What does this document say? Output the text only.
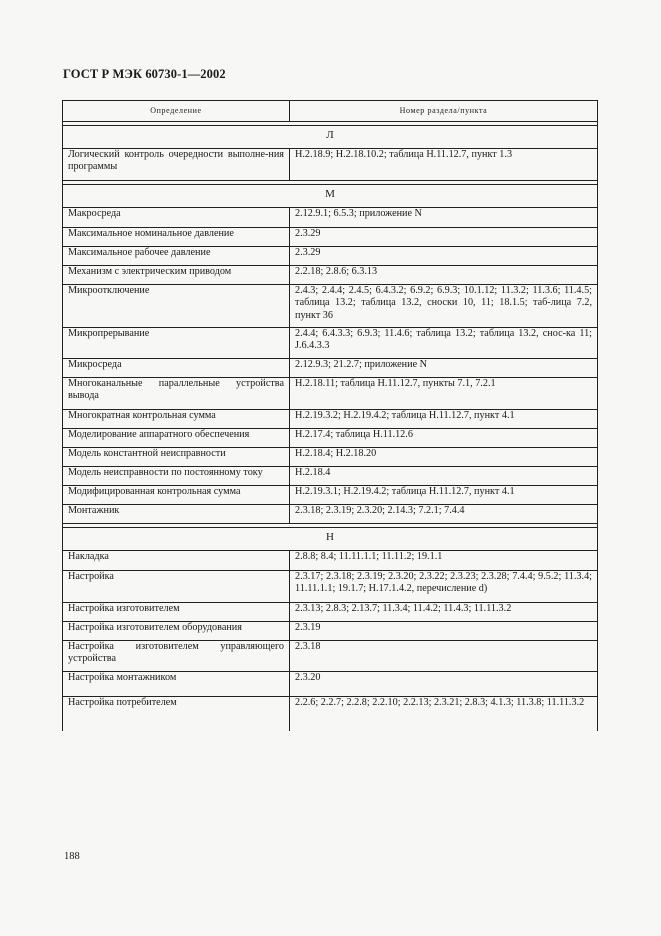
ГОСТ Р МЭК 60730-1—2002
Определение	Номер раздела/пункта

Л	
Логический контроль очередности выполне-ния программы	Н.2.18.9; Н.2.18.10.2; таблица Н.11.12.7, пункт 1.3

М	
Макросреда	2.12.9.1; 6.5.3; приложение N
Максимальное номинальное давление	2.3.29
Максимальное рабочее давление	2.3.29
Механизм с электрическим приводом	2.2.18; 2.8.6; 6.3.13
Микроотключение	2.4.3; 2.4.4; 2.4.5; 6.4.3.2; 6.9.2; 6.9.3; 10.1.12; 11.3.2; 11.3.6; 11.4.5; таблица 13.2; таблица 13.2, сноски 10, 11; 18.1.5; таб-лица 7.2, пункт 36
Микропрерывание	2.4.4; 6.4.3.3; 6.9.3; 11.4.6; таблица 13.2; таблица 13.2, снос-ка 11; J.6.4.3.3
Микросреда	2.12.9.3; 21.2.7; приложение N
Многоканальные параллельные устройства вывода	Н.2.18.11; таблица Н.11.12.7, пункты 7.1, 7.2.1
Многократная контрольная сумма	Н.2.19.3.2; Н.2.19.4.2; таблица Н.11.12.7, пункт 4.1
Моделирование аппаратного обеспечения	Н.2.17.4; таблица Н.11.12.6
Модель константной неисправности	Н.2.18.4; Н.2.18.20
Модель неисправности по постоянному току	Н.2.18.4
Модифицированная контрольная сумма	Н.2.19.3.1; Н.2.19.4.2; таблица Н.11.12.7, пункт 4.1
Монтажник	2.3.18; 2.3.19; 2.3.20; 2.14.3; 7.2.1; 7.4.4

Н	
Накладка	2.8.8; 8.4; 11.11.1.1; 11.11.2; 19.1.1
Настройка	2.3.17; 2.3.18; 2.3.19; 2.3.20; 2.3.22; 2.3.23; 2.3.28; 7.4.4; 9.5.2; 11.3.4; 11.11.1.1; 19.1.7; Н.17.1.4.2, перечисление d)
Настройка изготовителем	2.3.13; 2.8.3; 2.13.7; 11.3.4; 11.4.2; 11.4.3; 11.11.3.2
Настройка изготовителем оборудования	2.3.19
Настройка изготовителем управляющего устройства	2.3.18
Настройка монтажником	2.3.20
Настройка потребителем	2.2.6; 2.2.7; 2.2.8; 2.2.10; 2.2.13; 2.3.21; 2.8.3; 4.1.3; 11.3.8; 11.11.3.2
188
